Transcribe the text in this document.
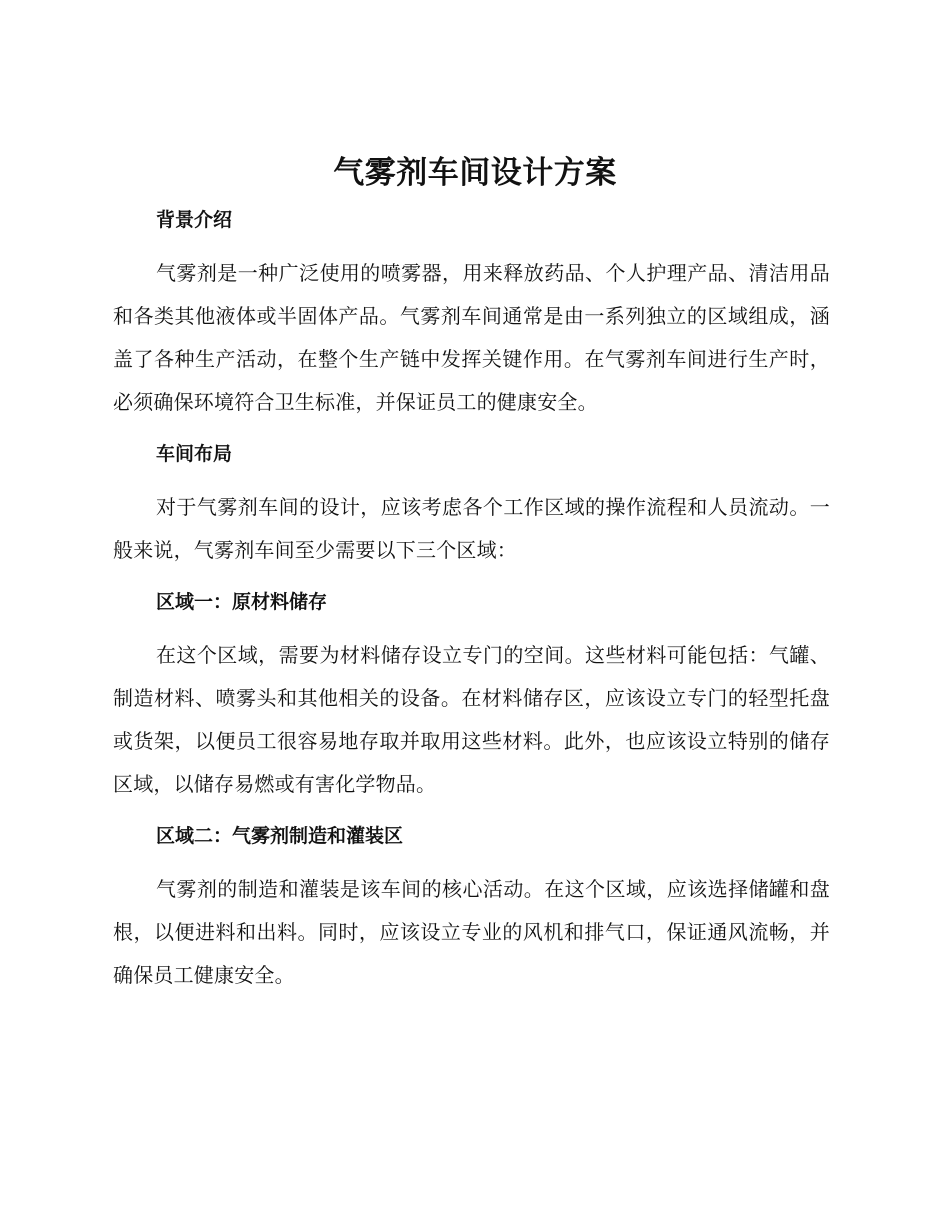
气雾剂车间设计方案
背景介绍

气雾剂是一种广泛使用的喷雾器，用来释放药品、个人护理产品、清洁用品和各类其他液体或半固体产品。气雾剂车间通常是由一系列独立的区域组成，涵盖了各种生产活动，在整个生产链中发挥关键作用。在气雾剂车间进行生产时，必须确保环境符合卫生标准，并保证员工的健康安全。

车间布局

对于气雾剂车间的设计，应该考虑各个工作区域的操作流程和人员流动。一般来说，气雾剂车间至少需要以下三个区域：

区域一：原材料储存

在这个区域，需要为材料储存设立专门的空间。这些材料可能包括：气罐、制造材料、喷雾头和其他相关的设备。在材料储存区，应该设立专门的轻型托盘或货架，以便员工很容易地存取并取用这些材料。此外，也应该设立特别的储存区域，以储存易燃或有害化学物品。

区域二：气雾剂制造和灌装区

气雾剂的制造和灌装是该车间的核心活动。在这个区域，应该选择储罐和盘根，以便进料和出料。同时，应该设立专业的风机和排气口，保证通风流畅，并确保员工健康安全。
